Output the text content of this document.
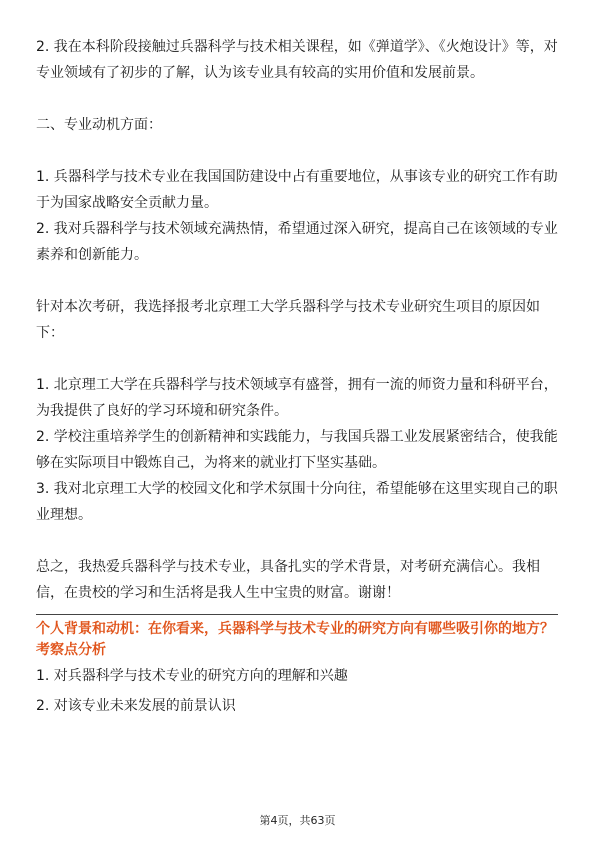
2. 我在本科阶段接触过兵器科学与技术相关课程，如《弹道学》、《火炮设计》等，对专业领域有了初步的了解，认为该专业具有较高的实用价值和发展前景。

二、专业动机方面：

1. 兵器科学与技术专业在我国国防建设中占有重要地位，从事该专业的研究工作有助于为国家战略安全贡献力量。

2. 我对兵器科学与技术领域充满热情，希望通过深入研究，提高自己在该领域的专业素养和创新能力。

针对本次考研，我选择报考北京理工大学兵器科学与技术专业研究生项目的原因如下：

1. 北京理工大学在兵器科学与技术领域享有盛誉，拥有一流的师资力量和科研平台，为我提供了良好的学习环境和研究条件。

2. 学校注重培养学生的创新精神和实践能力，与我国兵器工业发展紧密结合，使我能够在实际项目中锻炼自己，为将来的就业打下坚实基础。

3. 我对北京理工大学的校园文化和学术氛围十分向往，希望能够在这里实现自己的职业理想。

总之，我热爱兵器科学与技术专业，具备扎实的学术背景，对考研充满信心。我相信，在贵校的学习和生活将是我人生中宝贵的财富。谢谢！

个人背景和动机：在你看来，兵器科学与技术专业的研究方向有哪些吸引你的地方？

考察点分析

1. 对兵器科学与技术专业的研究方向的理解和兴趣

2. 对该专业未来发展的前景认识

第4页，共63页
